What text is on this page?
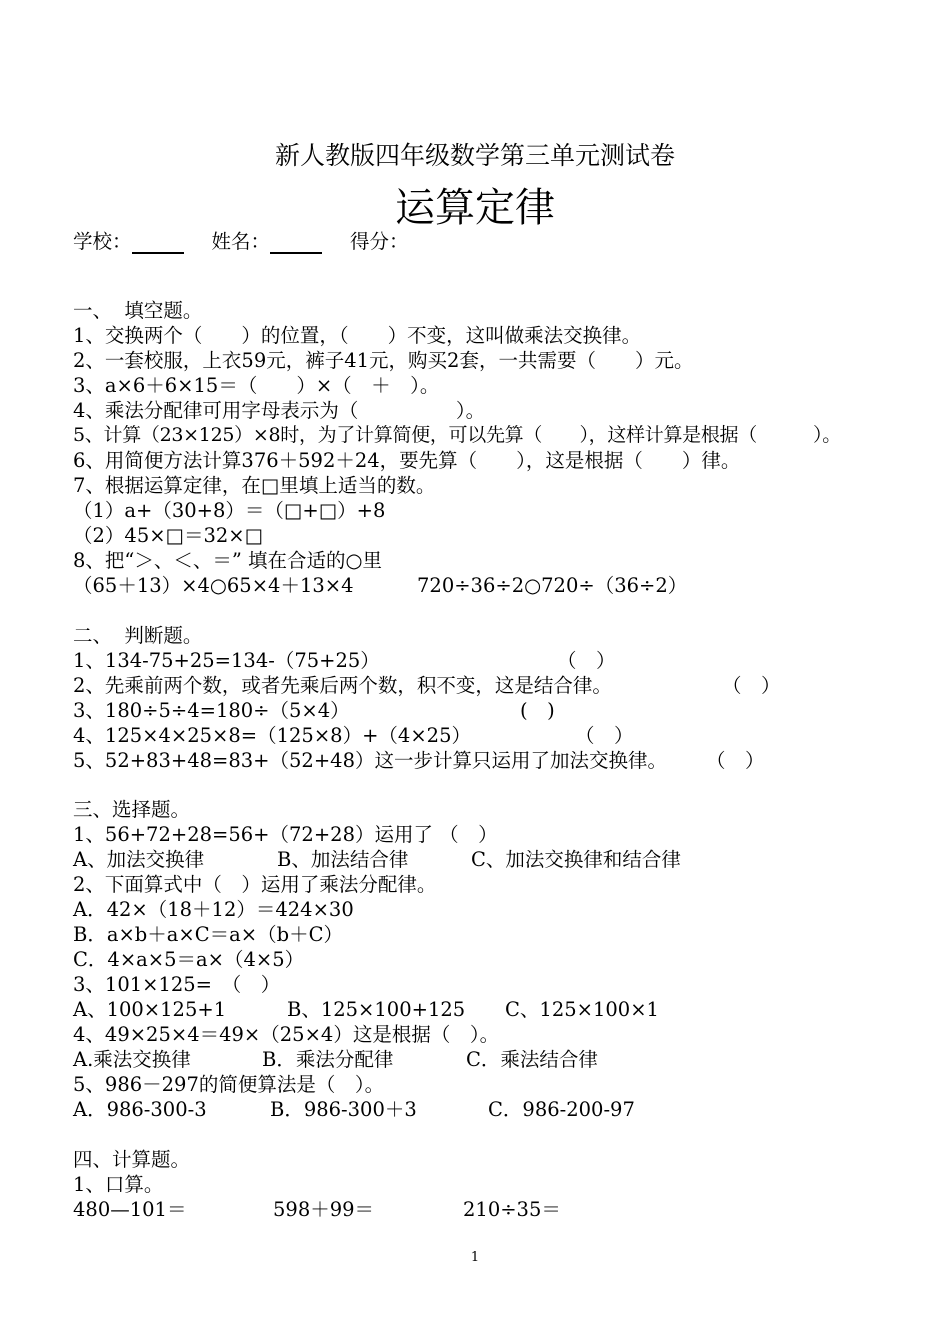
新人教版四年级数学第三单元测试卷
运算定律
学校：	姓名：	得分：
一、  填空题。
1、交换两个（　　）的位置，（　　）不变，这叫做乘法交换律。
2、一套校服，上衣59元，裤子41元，购买2套，一共需要（　　）元。
3、a×6＋6×15＝（　　）×（　＋　）。
4、乘法分配律可用字母表示为（　　　　　）。
5、计算（23×125）×8时，为了计算简便，可以先算（　　），这样计算是根据（　　　）。
6、用简便方法计算376＋592＋24，要先算（　　），这是根据（　　）律。
7、根据运算定律，在□里填上适当的数。
（1）a+（30+8）＝（□+□）+8
（2）45×□＝32×□
8、把“＞、＜、＝” 填在合适的○里
（65＋13）×4○65×4＋13×4	720÷36÷2○720÷（36÷2）
二、  判断题。
1、134-75+25=134-（75+25）	（　）
2、先乘前两个数，或者先乘后两个数，积不变，这是结合律。	（　）
3、180÷5÷4=180÷（5×4）	(　)
4、125×4×25×8=（125×8）+（4×25）	（　）
5、52+83+48=83+（52+48）这一步计算只运用了加法交换律。 （　）
三、选择题。
1、56+72+28=56+（72+28）运用了 （　）
A、加法交换律	B、加法结合律	C、加法交换律和结合律
2、下面算式中（　）运用了乘法分配律。
A．42×（18＋12）＝424×30
B．a×b＋a×C＝a×（b＋C）
C．4×a×5＝a×（4×5）
3、101×125=　（　）
A、100×125+1	B、125×100+125 C、125×100×1
4、49×25×4＝49×（25×4）这是根据（　）。
A.乘法交换律	B．乘法分配律	C．乘法结合律
5、986－297的简便算法是（　）。
A．986-300-3	B．986-300＋3	C．986-200-97
四、计算题。
1、口算。
480—101＝	598＋99＝	210÷35＝
1
